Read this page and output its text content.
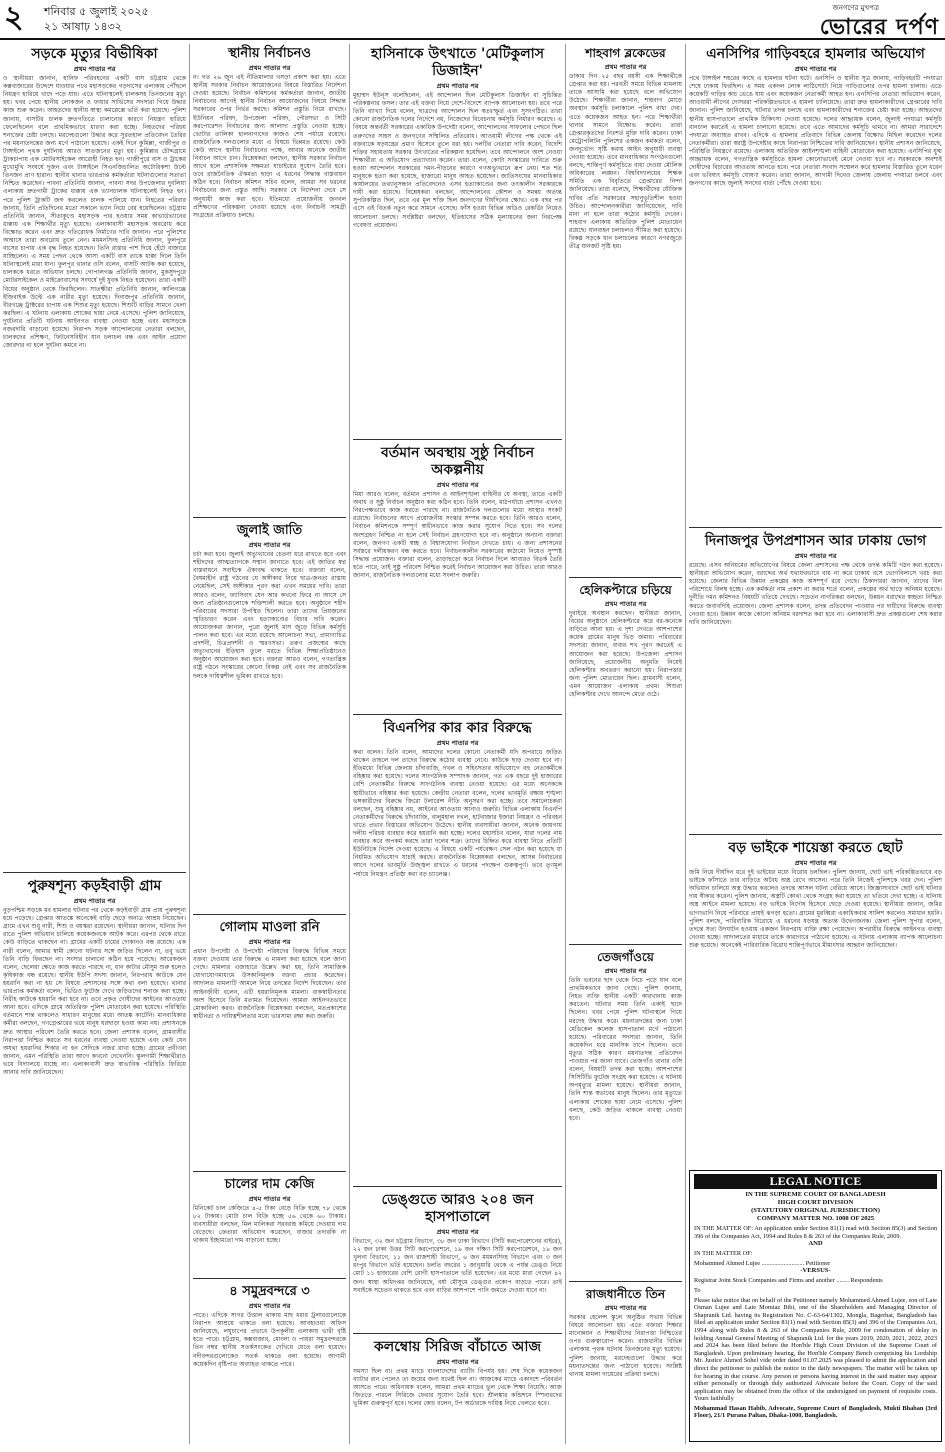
২ শনিবার ৫ জুলাই ২০২৫
২১ আষাঢ় ১৪৩২
জনগণের মুখপত্র
ভোরের দর্পণ
সড়কে মৃত্যুর বিভীষিকা
প্রথম পাতার পর
ও স্থানীয়রা জানান, হানিফ পরিবহনের একটি বাস চট্টগ্রাম থেকে কক্সবাজারের উদ্দেশে যাওয়ার পথে মহাসড়কের গড়দাসের এলাকায় পৌঁছলে নিয়ন্ত্রণ হারিয়ে খাদে পড়ে যায়। এতে ঘটনাস্থলেই চালকসহ তিনজনের মৃত্যু হয়। খবর পেয়ে স্থানীয় লোকজন ও ফায়ার সার্ভিসের সদস্যরা গিয়ে উদ্ধার কাজ শুরু করেন। আহতদের স্থানীয় স্বাস্থ্য কমপ্লেক্সে ভর্তি করা হয়েছে। পুলিশ জানায়, বাসটির চালক দ্রুতগতিতে চালানোর কারণে নিয়ন্ত্রণ হারিয়ে ফেলেছিলেন বলে প্রাথমিকভাবে ধারণা করা হচ্ছে। নিহতদের পরিচয় শনাক্তের চেষ্টা চলছে। মরদেহগুলো উদ্ধার করে সুরতহাল প্রতিবেদন তৈরির পর ময়নাতদন্তের জন্য মর্গে পাঠানো হয়েছে। একই দিনে কুমিল্লা, গাজীপুর ও টাঙ্গাইলে পৃথক দুর্ঘটনায় আরও সাতজনের মৃত্যু হয়। কুমিল্লার চৌদ্দগ্রামে ট্রাকচাপায় এক মোটরসাইকেল আরোহী নিহত হন। গাজীপুরে বাস ও ট্রাকের মুখোমুখি সংঘর্ষে দুজন এবং টাঙ্গাইলে সিএনজিচালিত অটোরিকশা উল্টে তিনজন প্রাণ হারান। স্থানীয় থানার ভারপ্রাপ্ত কর্মকর্তারা ঘটনাগুলোর সত্যতা নিশ্চিত করেছেন। পাবনা প্রতিনিধি জানান, পাবনা সদর উপজেলার দুবলিয়া এলাকায় দ্রুতগামী ট্রাকের ধাক্কায় এক ভ্যানচালক ঘটনাস্থলেই নিহত হন। পরে পুলিশ ট্রাকটি জব্দ করলেও চালক পালিয়ে যান। নিহতের পরিবার জানায়, তিনি প্রতিদিনের মতো সকালে ভ্যান নিয়ে বের হয়েছিলেন। চট্টগ্রাম প্রতিনিধি জানান, সীতাকুণ্ডে মহাসড়ক পার হওয়ার সময় কাভার্ডভ্যানের ধাক্কায় এক শিক্ষার্থীর মৃত্যু হয়েছে। এলাকাবাসী মহাসড়ক অবরোধ করে বিক্ষোভ করেন এবং দ্রুত গতিরোধক নির্মাণের দাবি জানান। পরে পুলিশের আশ্বাসে তারা অবরোধ তুলে নেন। ময়মনসিংহ প্রতিনিধি জানান, ফুলপুরে বাসের চাপায় এক বৃদ্ধ নিহত হয়েছেন। তিনি রাস্তার পাশ দিয়ে হেঁটে বাজারে যাচ্ছিলেন। এ সময় পেছন থেকে আসা একটি বাস তাকে ধাক্কা দিলে তিনি ঘটনাস্থলেই মারা যান। ফুলপুর থানার ওসি বলেন, বাসটি আটক করা হয়েছে, চালককে ধরতে অভিযান চলছে। গোপালগঞ্জ প্রতিনিধি জানান, মুকসুদপুরে মোটরসাইকেল ও মাইক্রোবাসের সংঘর্ষে দুই যুবক নিহত হয়েছেন। তারা একটি বিয়ের অনুষ্ঠান থেকে ফিরছিলেন। সাতক্ষীরা প্রতিনিধি জানান, কালিগঞ্জে ইজিবাইক উল্টে এক নারীর মৃত্যু হয়েছে। দিনাজপুর প্রতিনিধি জানান, বীরগঞ্জে ট্রাক্টরের চাপায় এক শিশুর মৃত্যু হয়েছে। শিশুটি বাড়ির সামনে খেলা করছিল। এ ঘটনায় এলাকায় শোকের ছায়া নেমে এসেছে। পুলিশ জানিয়েছে, দুর্ঘটনার প্রতিটি ঘটনায় আইনগত ব্যবস্থা নেওয়া হচ্ছে এবং মহাসড়কে নজরদারি বাড়ানো হয়েছে। নিরাপদ সড়ক আন্দোলনের নেতারা বলছেন, চালকদের প্রশিক্ষণ, ফিটনেসবিহীন যান চলাচল বন্ধ এবং আইন প্রয়োগ জোরদার না হলে দুর্ঘটনা কমবে না।
পুরুষশূন্য কড়ইবাড়ী গ্রাম
প্রথম পাতার পর
বুড়পশ্চিম সড়কে মব হামলার ঘটনার পর থেকে কড়ইবাড়ী গ্রাম প্রায় পুরুষশূন্য হয়ে পড়েছে। গ্রেপ্তার আতঙ্কে অনেকেই বাড়ি ছেড়ে অন্যত্র আশ্রয় নিয়েছেন। গ্রামে এখন শুধু নারী, শিশু ও বয়স্করা রয়েছেন। স্থানীয়রা জানান, ঘটনার দিন রাতে পুলিশ অভিযান চালিয়ে কয়েকজনকে আটক করে। এরপর থেকে রাতে কেউ বাড়িতে থাকছেন না। গ্রামের একটি চায়ের দোকানও বন্ধ রয়েছে। এক নারী বলেন, আমার স্বামী কোনো ঘটনার সঙ্গে জড়িত ছিলেন না, তবু ভয়ে তিনি বাড়ি ফিরছেন না। সংসার চালানো কঠিন হয়ে পড়েছে। আরেকজন বলেন, ছেলেরা ক্ষেতে কাজ করতে পারছে না, ধান কাটার মৌসুম শুরু হলেও কৃষিকাজ বন্ধ রয়েছে। স্থানীয় ইউপি সদস্য জানান, নিরপরাধ কাউকে যেন হয়রানি করা না হয় সে বিষয়ে প্রশাসনের সঙ্গে কথা বলা হয়েছে। থানার ভারপ্রাপ্ত কর্মকর্তা বলেন, ভিডিও ফুটেজ দেখে জড়িতদের শনাক্ত করা হচ্ছে। নিরীহ কাউকে হয়রানি করা হবে না। তবে প্রকৃত দোষীদের আইনের আওতায় আনা হবে। এদিকে গ্রামে অতিরিক্ত পুলিশ মোতায়েন করা হয়েছে। পরিস্থিতি বর্তমানে শান্ত থাকলেও সাধারণ মানুষের মধ্যে আতঙ্ক কাটেনি। মানবাধিকার কর্মীরা বলছেন, গণগ্রেপ্তারের ভয়ে মানুষ ঘরছাড়া হওয়া কাম্য নয়। প্রশাসনকে দ্রুত আস্থার পরিবেশ তৈরি করতে হবে। জেলা প্রশাসক বলেন, গ্রামবাসীর নিরাপত্তা নিশ্চিত করতে সব ধরনের ব্যবস্থা নেওয়া হয়েছে এবং কেউ যেন অযথা হয়রানির শিকার না হন সেদিকে নজর রাখা হচ্ছে। গ্রামের প্রবীণরা জানান, এমন পরিস্থিতি তারা আগে কখনো দেখেননি। স্কুলগামী শিক্ষার্থীরাও ভয়ে বিদ্যালয়ে যাচ্ছে না। এলাকাবাসী দ্রুত স্বাভাবিক পরিস্থিতি ফিরিয়ে আনার দাবি জানিয়েছেন।
স্থানীয় নির্বাচনও
প্রথম পাতার পর
ন। গত ২৬ জুন এই নীতিমালার খসড়া প্রকাশ করা হয়। এতে স্থানীয় সরকার নির্বাচন আয়োজনের বিষয়ে বিস্তারিত নির্দেশনা দেওয়া হয়েছে। নির্বাচন কমিশনের কর্মকর্তারা জানান, জাতীয় নির্বাচনের আগেই স্থানীয় নির্বাচন আয়োজনের বিষয়ে সিদ্ধান্ত সরকারের ওপর নির্ভর করছে। কমিশন প্রস্তুতি নিয়ে রাখছে। ইউনিয়ন পরিষদ, উপজেলা পরিষদ, পৌরসভা ও সিটি করপোরেশন নির্বাচনের জন্য আলাদা প্রস্তুতি নেওয়া হচ্ছে। ভোটার তালিকা হালনাগাদের কাজও শেষ পর্যায়ে রয়েছে। রাজনৈতিক দলগুলোর মধ্যে এ বিষয়ে ভিন্নমত রয়েছে। কেউ কেউ আগে স্থানীয় নির্বাচনের পক্ষে, আবার অনেকে জাতীয় নির্বাচন আগে চান। বিশ্লেষকরা বলছেন, স্থানীয় সরকার নির্বাচন আগে হলে প্রশাসনিক সক্ষমতা যাচাইয়ের সুযোগ তৈরি হবে। তবে রাজনৈতিক ঐকমত্য ছাড়া এ ধরনের সিদ্ধান্ত বাস্তবায়ন কঠিন হবে। নির্বাচন কমিশন সচিব বলেন, আমরা সব ধরনের নির্বাচনের জন্য প্রস্তুত আছি। সরকার যে নির্দেশনা দেবে সে অনুযায়ী কাজ করা হবে। ইতিমধ্যে প্রয়োজনীয় জনবল প্রশিক্ষণের পরিকল্পনা নেওয়া হয়েছে এবং নির্বাচনী সামগ্রী সংগ্রহের প্রক্রিয়াও চলছে।
জুলাই জাতি
প্রথম পাতার পর
চর্চা করা হবে। জুলাই অভ্যুত্থানের চেতনা ধরে রাখতে হবে এবং শহীদদের আত্মত্যাগকে সম্মান জানাতে হবে। এই জাতির স্বপ্ন বাস্তবায়নে সবাইকে ঐক্যবদ্ধ থাকতে হবে। বক্তারা বলেন, বৈষম্যহীন রাষ্ট্র গঠনের যে অঙ্গীকার নিয়ে ছাত্র-জনতা রাস্তায় নেমেছিল, সেই অঙ্গীকার পূরণ করা এখন সময়ের দাবি। তারা আরও বলেন, ফ্যাসিবাদ যেন আর কখনো ফিরে না আসে সে জন্য প্রতিষ্ঠানগুলোকে শক্তিশালী করতে হবে। অনুষ্ঠানে শহীদ পরিবারের সদস্যরা উপস্থিত ছিলেন। তারা তাদের প্রিয়জনের স্মৃতিচারণ করেন এবং হত্যাকাণ্ডের বিচার দাবি করেন। আয়োজকরা জানান, পুরো জুলাই মাস জুড়ে বিভিন্ন কর্মসূচি পালন করা হবে। এর মধ্যে রয়েছে আলোচনা সভা, প্রামাণ্যচিত্র প্রদর্শনী, চিত্রপ্রদর্শনী ও স্মরণসভা। তরুণ প্রজন্মের কাছে অভ্যুত্থানের ইতিহাস তুলে ধরতে বিভিন্ন শিক্ষাপ্রতিষ্ঠানেও অনুষ্ঠান আয়োজন করা হবে। বক্তারা আরও বলেন, গণতান্ত্রিক রাষ্ট্র গঠনে সংস্কারের কোনো বিকল্প নেই এবং সব রাজনৈতিক দলকে দায়িত্বশীল ভূমিকা রাখতে হবে।
গোলাম মাওলা রনি
প্রথম পাতার পর
প্রধান উপদেষ্টা ও উপদেষ্টা পরিষদের বিরুদ্ধে বিভিন্ন সময়ে বক্তব্য দেওয়ায় তার বিরুদ্ধে এ মামলা করা হয়েছে বলে জানা গেছে। মামলার এজাহারে উল্লেখ করা হয়, তিনি সামাজিক যোগাযোগমাধ্যমে উসকানিমূলক বক্তব্য প্রচার করেছেন। আদালত মামলাটি আমলে নিয়ে তদন্তের নির্দেশ দিয়েছেন। তার আইনজীবী বলেন, এটি হয়রানিমূলক মামলা। বাকস্বাধীনতার অংশ হিসেবে তিনি মতামত দিয়েছেন। আমরা আইনগতভাবে মোকাবিলা করব। রাজনৈতিক বিশ্লেষকরা বলছেন, মতপ্রকাশের স্বাধীনতা ও দায়িত্বশীলতার মধ্যে ভারসাম্য রক্ষা করা জরুরি।
চালের দাম কেজি
প্রথম পাতার পর
মিনিকেট চাল কেজিতে ৪-৫ টাকা বেড়ে বিক্রি হচ্ছে ৭৮ থেকে ৮২ টাকায়। মোটা চাল বিক্রি হচ্ছে ৫৬ থেকে ৬০ টাকায়। ব্যবসায়ীরা বলছেন, মিল মালিকরা সরবরাহ কমিয়ে দেওয়ায় দাম বেড়েছে। ক্রেতারা অভিযোগ করেছেন, বাজার তদারকি না থাকায় ইচ্ছামতো দাম বাড়ানো হচ্ছে।
৪ সমুদ্রবন্দরে ৩
প্রথম পাতার পর
পাতে। এদিকে সাগর উত্তাল থাকায় মাছ ধরার ট্রলারগুলোকে নিরাপদ আশ্রয়ে থাকতে বলা হয়েছে। আবহাওয়া অফিস জানিয়েছে, লঘুচাপের প্রভাবে উপকূলীয় এলাকায় ভারী বৃষ্টি হতে পারে। চট্টগ্রাম, কক্সবাজার, মোংলা ও পায়রা সমুদ্রবন্দরকে তিন নম্বর স্থানীয় সতর্কসংকেত দেখিয়ে যেতে বলা হয়েছে। নদীবন্দরগুলোকেও সতর্ক থাকতে বলা হয়েছে। আগামী কয়েকদিন বৃষ্টিপাত অব্যাহত থাকতে পারে।
হাসিনাকে উৎখাতে 'মেটিকুলাস ডিজাইন'
প্রথম পাতার পর
মুহাম্মদ ইউনূস বলেছিলেন, এই আন্দোলন ছিল মেটিকুলাস ডিজাইন বা সুচিন্তিত পরিকল্পনার ফসল। তার এই বক্তব্য নিয়ে দেশে-বিদেশে ব্যাপক আলোচনা হয়। তবে পরে তিনি ব্যাখ্যা দিয়ে বলেন, ছাত্রদের আন্দোলন ছিল স্বতঃস্ফূর্ত এবং সুসংগঠিত। তারা কোনো রাজনৈতিক দলের নির্দেশে নয়, নিজেদের বিবেচনায় কর্মসূচি নির্ধারণ করেছে। এ বিষয়ে অন্তর্বর্তী সরকারের একাধিক উপদেষ্টা বলেন, আন্দোলনের সাফল্যের পেছনে ছিল তরুণদের সাহস ও জনগণের সম্মিলিত প্রতিরোধ। আওয়ামী লীগের পক্ষ থেকে এই বক্তব্যকে ষড়যন্ত্রের প্রমাণ হিসেবে তুলে ধরা হয়। দলটির নেতারা দাবি করেন, বিদেশি শক্তির সহায়তায় সরকার উৎখাতের পরিকল্পনা হয়েছিল। তবে আন্দোলনে অংশ নেওয়া শিক্ষার্থীরা এ অভিযোগ প্রত্যাখ্যান করেন। তারা বলেন, কোটা সংস্কারের দাবিতে শুরু হওয়া আন্দোলন সরকারের দমন-পীড়নের কারণে গণঅভ্যুত্থানে রূপ নেয়। শত শত মানুষকে হত্যা করা হয়েছে, হাজারো মানুষ আহত হয়েছেন। জাতিসংঘের মানবাধিকার কার্যালয়ের তথ্যানুসন্ধান প্রতিবেদনেও এসব হত্যাকাণ্ডের জন্য তৎকালীন সরকারকে দায়ী করা হয়েছে। বিশ্লেষকরা বলছেন, আন্দোলনের কৌশল ও সমন্বয় অত্যন্ত সুপরিকল্পিত ছিল, তবে এর মূল শক্তি ছিল জনগণের দীর্ঘদিনের ক্ষোভ। এক বছর পর এসে এই বিতর্ক নতুন করে সামনে এসেছে। ফাঁস হওয়া বিভিন্ন অডিও রেকর্ডিং নিয়েও আলোচনা চলছে। সংশ্লিষ্টরা বলছেন, ইতিহাসের সঠিক মূল্যায়নের জন্য নিরপেক্ষ গবেষণা প্রয়োজন।
বর্তমান অবস্থায় সুষ্ঠু নির্বাচন অকল্পনীয়
প্রথম পাতার পর
মিয়া আরও বলেন, বর্তমান প্রশাসন ও আইনশৃঙ্খলা বাহিনীর যে অবস্থা, তাতে একটি অবাধ ও সুষ্ঠু নির্বাচন অনুষ্ঠান করা কঠিন হবে। তিনি বলেন, মাঠপর্যায়ে প্রশাসন এখনও নিরপেক্ষভাবে কাজ করতে পারছে না। রাজনৈতিক দলগুলোর মধ্যে আস্থার সংকট রয়েছে। নির্বাচনের আগে প্রয়োজনীয় সংস্কার সম্পন্ন করতে হবে। তিনি আরও বলেন, নির্বাচন কমিশনকে সম্পূর্ণ স্বাধীনভাবে কাজ করার সুযোগ দিতে হবে। সব দলের অংশগ্রহণ নিশ্চিত না হলে সেই নির্বাচন গ্রহণযোগ্য হবে না। অনুষ্ঠানে অন্যান্য বক্তারা বলেন, জনগণ একটি স্বচ্ছ ও বিশ্বাসযোগ্য নির্বাচন দেখতে চায়। এ জন্য প্রশাসনের সর্বস্তরে দলীয়করণ বন্ধ করতে হবে। নির্বাচনকালীন সরকারের কাঠামো নিয়েও সুস্পষ্ট সিদ্ধান্ত প্রয়োজন। বক্তারা বলেন, তাড়াহুড়ো করে নির্বাচন দিলে আবারও বিতর্ক তৈরি হতে পারে, তাই সুষ্ঠু পরিবেশ নিশ্চিত করেই নির্বাচন আয়োজন করা উচিত। তারা আরও জানান, রাজনৈতিক দলগুলোর মধ্যে সংলাপ জরুরি।
বিএনপির কার কার বিরুদ্ধে
প্রথম পাতার পর
কথা বলেন। তিনি বলেন, আমাদের দলের কোনো নেতাকর্মী যদি অপরাধে জড়িত থাকেন তাহলে দল তাদের বিরুদ্ধে কঠোর ব্যবস্থা নেবে। কাউকে ছাড় দেওয়া হবে না। ইতিমধ্যে বিভিন্ন জেলায় চাঁদাবাজি, দখল ও সহিংসতার অভিযোগে বহু নেতাকর্মীকে বহিষ্কার করা হয়েছে। দলের সাংগঠনিক সম্পাদক জানান, গত এক বছরে দুই হাজারের বেশি নেতাকর্মীর বিরুদ্ধে সাংগঠনিক ব্যবস্থা নেওয়া হয়েছে। এর মধ্যে অনেককে স্থায়ীভাবে বহিষ্কার করা হয়েছে। কেন্দ্রীয় নেতারা বলেন, দলের ভাবমূর্তি রক্ষায় শৃঙ্খলা ভঙ্গকারীদের বিরুদ্ধে জিরো টলারেন্স নীতি অনুসরণ করা হচ্ছে। তবে সমালোচকরা বলছেন, শুধু বহিষ্কার নয়, আইনের আওতায় আনাও জরুরি। বিভিন্ন এলাকায় বিএনপি নেতাকর্মীদের বিরুদ্ধে চাঁদাবাজি, বালুমহাল দখল, হাটবাজার ইজারা নিয়ন্ত্রণ ও পরিবহন খাতে প্রভাব বিস্তারের অভিযোগ উঠেছে। স্থানীয় ব্যবসায়ীরা জানান, অনেক জায়গায় দলীয় পরিচয় ব্যবহার করে হয়রানি করা হচ্ছে। দলের মহাসচিব বলেন, যারা দলের নাম ব্যবহার করে অপকর্ম করছে তারা দলের শত্রু। তাদের চিহ্নিত করে ব্যবস্থা নিতে প্রতিটি ইউনিটকে নির্দেশ দেওয়া হয়েছে। এ বিষয়ে একটি পর্যবেক্ষণ সেল গঠন করা হয়েছে যা নিয়মিত অভিযোগ যাচাই করছে। রাজনৈতিক বিশ্লেষকরা বলছেন, আসন্ন নির্বাচনের আগে দলের ভাবমূর্তি উজ্জ্বল রাখতে এ ধরনের পদক্ষেপ গুরুত্বপূর্ণ। তবে তৃণমূল পর্যায়ে নিয়ন্ত্রণ প্রতিষ্ঠা করা বড় চ্যালেঞ্জ।
ডেঙ্গুতে আরও ২০৪ জন হাসপাতালে
প্রথম পাতার পর
বিভাগে, ৩২ জন চট্টগ্রাম বিভাগে, ৩৮ জন ঢাকা বিভাগে (সিটি করপোরেশনের বাইরে), ২২ জন ঢাকা উত্তর সিটি করপোরেশনে, ১৯ জন দক্ষিণ সিটি করপোরেশনে, ১৮ জন খুলনা বিভাগে, ১১ জন রাজশাহী বিভাগে, ৬ জন ময়মনসিংহ বিভাগে এবং ৩ জন রংপুর বিভাগে ভর্তি হয়েছেন। চলতি বছরের ১ জানুয়ারি থেকে এ পর্যন্ত ডেঙ্গু নিয়ে মোট ১১ হাজারের বেশি রোগী হাসপাতালে ভর্তি হয়েছেন। এর মধ্যে মারা গেছেন ৪২ জন। স্বাস্থ্য অধিদপ্তর জানিয়েছে, বর্ষা মৌসুমে ডেঙ্গুর প্রকোপ বাড়তে পারে। তাই সবাইকে সচেতন থাকতে হবে এবং বাড়ির আশপাশে পানি জমতে দেওয়া যাবে না।
কলম্বোয় সিরিজ বাঁচাতে আজ
প্রথম পাতার পর
সমস্যা ছিল না। প্রথম ম্যাচে বাংলাদেশের ব্যাটিং বিপর্যয় হয়। শেষ দিকে কয়েকজন ব্যাটার রান পেলেও তা জয়ের জন্য যথেষ্ট ছিল না। আজকের ম্যাচে একাদশে পরিবর্তন আসতে পারে। অধিনায়ক বলেন, আমরা প্রথম ম্যাচের ভুল থেকে শিক্ষা নিয়েছি। আজ জিততে পারলে সিরিজে ফেরার সুযোগ তৈরি হবে। শ্রীলঙ্কার কন্ডিশনে স্পিনারদের ভূমিকা গুরুত্বপূর্ণ হবে। দলের কোচ বলেন, টপ অর্ডারকে দায়িত্ব নিয়ে খেলতে হবে।
শাহবাগ ব্লকেডের
প্রথম পাতার পর
ডাকার দিন ২৫ বছর বয়সী এক শিক্ষার্থীকে গ্রেপ্তার করা হয়। পরবর্তী সময়ে বিভিন্ন মামলায় তাকে আসামি করা হয়েছে বলে অভিযোগ উঠেছে। শিক্ষার্থীরা জানান, শাহবাগ মোড়ে অবস্থান কর্মসূচি চলাকালে পুলিশ বাধা দেয়। এতে কয়েকজন আহত হন। পরে শিক্ষার্থীরা থানার সামনে বিক্ষোভ করেন। তারা গ্রেপ্তারকৃতদের নিঃশর্ত মুক্তি দাবি করেন। ঢাকা মেট্রোপলিটন পুলিশের একজন কর্মকর্তা বলেন, জনদুর্ভোগ সৃষ্টি করায় আইন অনুযায়ী ব্যবস্থা নেওয়া হয়েছে। তবে মানবাধিকার সংগঠনগুলো বলছে, শান্তিপূর্ণ কর্মসূচিতে বাধা দেওয়া মৌলিক অধিকারের লঙ্ঘন। বিশ্ববিদ্যালয়ের শিক্ষক সমিতি এক বিবৃতিতে গ্রেপ্তারের নিন্দা জানিয়েছে। তারা বলেছে, শিক্ষার্থীদের যৌক্তিক দাবির প্রতি সরকারের সহানুভূতিশীল হওয়া উচিত। আন্দোলনকারীরা জানিয়েছেন, দাবি মানা না হলে তারা কঠোর কর্মসূচি দেবেন। শাহবাগ এলাকায় অতিরিক্ত পুলিশ মোতায়েন রয়েছে। যানবাহন চলাচলও সীমিত করা হয়েছে। বিকল্প সড়কে যান চলাচলের কারণে নগরজুড়ে তীব্র যানজট সৃষ্টি হয়।
হেলিকপ্টারে চড়িয়ে
প্রথম পাতার পর
দুবাইয়ে অবস্থান করছেন। স্থানীয়রা জানান, বিয়ের অনুষ্ঠানে হেলিকপ্টারে করে বর-কনেকে বাড়িতে আনা হয়। এ দৃশ্য দেখতে আশপাশের কয়েক গ্রামের মানুষ ভিড় জমায়। পরিবারের সদস্যরা জানান, বাবার শখ পূরণ করতেই এ আয়োজন করা হয়েছে। উপজেলা প্রশাসন জানিয়েছে, প্রয়োজনীয় অনুমতি নিয়েই হেলিকপ্টার অবতরণ করানো হয়। নিরাপত্তার জন্য পুলিশ মোতায়েন ছিল। গ্রামবাসী বলেন, এমন আয়োজন এলাকায় প্রথম। শিশুরা হেলিকপ্টার দেখে আনন্দে মেতে ওঠে।
তেজগাঁওয়ে
প্রথম পাতার পর
তিনি ভবনের ছাদ থেকে নিচে পড়ে যান বলে প্রাথমিকভাবে জানা গেছে। পুলিশ জানায়, নিহত ব্যক্তি স্থানীয় একটি কারখানায় কাজ করতেন। ঘটনার সময় তিনি একাই ছাদে ছিলেন। খবর পেয়ে পুলিশ ঘটনাস্থলে গিয়ে মরদেহ উদ্ধার করে। ময়নাতদন্তের জন্য ঢাকা মেডিকেল কলেজ হাসপাতাল মর্গে পাঠানো হয়েছে। পরিবারের সদস্যরা জানান, তিনি কয়েকদিন ধরে মানসিক চাপে ছিলেন। তবে মৃত্যুর সঠিক কারণ ময়নাতদন্ত প্রতিবেদন পাওয়ার পর জানা যাবে। তেজগাঁও থানার ওসি বলেন, বিষয়টি তদন্ত করা হচ্ছে। আশপাশের সিসিটিভি ফুটেজ সংগ্রহ করা হয়েছে। এ ঘটনায় অপমৃত্যুর মামলা হয়েছে। স্থানীয়রা জানান, তিনি শান্ত স্বভাবের মানুষ ছিলেন। তার মৃত্যুতে এলাকায় শোকের ছায়া নেমে এসেছে। পুলিশ বলছে, কেউ জড়িত থাকলে ব্যবস্থা নেওয়া হবে।
রাজধানীতে তিন
প্রথম পাতার পর
সরকার হেলেন্স স্কুলে অনুষ্ঠিত সভায় বিভিন্ন বিষয়ে আলোচনা হয়। এতে বক্তারা শিক্ষার মানোন্নয়ন ও শিক্ষার্থীদের নিরাপত্তা নিশ্চিতের ওপর গুরুত্বারোপ করেন। রাজধানীর বিভিন্ন এলাকায় পৃথক ঘটনায় তিনজনের মৃত্যু হয়েছে। পুলিশ জানায়, মরদেহগুলো উদ্ধার করে ময়নাতদন্তের জন্য পাঠানো হয়েছে। সংশ্লিষ্ট থানায় মামলা দায়েরের প্রক্রিয়া চলছে।
এনসিপির গাড়িবহরে হামলার অভিযোগ
প্রথম পাতার পর
পথে টাঙ্গাইল শহরের কাছে এ হামলার ঘটনা ঘটে। এনসিপি ও স্থানীয় সূত্র জানায়, গাড়িবহরটি পদযাত্রা শেষে ঢাকায় ফিরছিল। এ সময় একদল লোক লাঠিসোটা নিয়ে গাড়িগুলোর ওপর হামলা চালায়। এতে কয়েকটি গাড়ির কাচ ভেঙে যায় এবং কয়েকজন নেতাকর্মী আহত হন। এনসিপির নেতারা অভিযোগ করেন, আওয়ামী লীগের দোসররা পরিকল্পিতভাবে এ হামলা চালিয়েছে। তারা দ্রুত হামলাকারীদের গ্রেপ্তারের দাবি জানান। পুলিশ জানিয়েছে, ঘটনার তদন্ত চলছে এবং হামলাকারীদের শনাক্তের চেষ্টা করা হচ্ছে। আহতদের স্থানীয় হাসপাতালে প্রাথমিক চিকিৎসা দেওয়া হয়েছে। দলের আহ্বায়ক বলেন, জুলাই পদযাত্রা কর্মসূচি বানচাল করতেই এ হামলা চালানো হয়েছে। তবে এতে আমাদের কর্মসূচি থামবে না। আমরা সারাদেশে পদযাত্রা অব্যাহত রাখব। এদিকে এ হামলার প্রতিবাদে বিভিন্ন জেলায় বিক্ষোভ মিছিল করেছেন দলের নেতাকর্মীরা। তারা স্বরাষ্ট্র উপদেষ্টার কাছে নিরাপত্তা নিশ্চিতের দাবি জানিয়েছেন। স্থানীয় প্রশাসন জানিয়েছে, পরিস্থিতি নিয়ন্ত্রণে রয়েছে। এলাকায় অতিরিক্ত আইনশৃঙ্খলা বাহিনী মোতায়েন করা হয়েছে। এনসিপির যুগ্ম আহ্বায়ক বলেন, গণতান্ত্রিক কর্মসূচিতে হামলা কোনোভাবেই মেনে নেওয়া হবে না। সরকারকে অবশ্যই দোষীদের বিচারের আওতায় আনতে হবে। পরে নেতারা সংবাদ সম্মেলন করে হামলার বিস্তারিত তুলে ধরেন এবং ভবিষ্যৎ কর্মসূচি ঘোষণা করেন। তারা জানান, আগামী দিনেও জেলায় জেলায় পদযাত্রা চলবে এবং জনগণের কাছে জুলাই সনদের বার্তা পৌঁছে দেওয়া হবে।
দিনাজপুর উপপ্রশাসন আর ঢাকায় ভোগ
প্রথম পাতার পর
রয়েছে। এসব অনিয়মের অভিযোগের বিষয়ে জেলা প্রশাসনের পক্ষ থেকে তদন্ত কমিটি গঠন করা হয়েছে। স্থানীয়রা অভিযোগ করেন, বরাদ্দের অর্থ যথাযথভাবে ব্যয় না করে ঢাকায় বসে ভোগবিলাসে খরচ করা হয়েছে। জেলার বিভিন্ন উন্নয়ন প্রকল্পের কাজ অসম্পূর্ণ রয়ে গেছে। ঠিকাদাররা জানান, তাদের বিল পরিশোধে বিলম্ব হচ্ছে। এক কর্মকর্তা নাম প্রকাশ না করার শর্তে বলেন, প্রকল্পের অর্থ ছাড়ে অনিয়ম হয়েছে। দুর্নীতি দমন কমিশনও বিষয়টি খতিয়ে দেখছে। সচেতন নাগরিকরা বলছেন, উন্নয়ন বরাদ্দের স্বচ্ছতা নিশ্চিত করতে জবাবদিহি প্রয়োজন। জেলা প্রশাসক বলেন, তদন্ত প্রতিবেদন পাওয়ার পর দায়ীদের বিরুদ্ধে ব্যবস্থা নেওয়া হবে। উন্নয়ন কাজে কোনো অনিয়ম বরদাশত করা হবে না। এলাকাবাসী দ্রুত প্রকল্পগুলো শেষ করার দাবি জানিয়েছেন।
বড় ভাইকে শায়েস্তা করতে ছোট
প্রথম পাতার পর
জমি নিয়ে দীর্ঘদিন ধরে দুই ভাইয়ের মধ্যে বিরোধ চলছিল। পুলিশ জানায়, ছোট ভাই পরিকল্পিতভাবে বড় ভাইকে ফাঁসাতে তার বাড়িতে অবৈধ অস্ত্র রেখে আসেন। পরে তিনি নিজেই পুলিশকে খবর দেন। পুলিশ অভিযান চালিয়ে অস্ত্র উদ্ধার করলেও তদন্তে আসল ঘটনা বেরিয়ে আসে। জিজ্ঞাসাবাদে ছোট ভাই ঘটনার দায় স্বীকার করেন। পুলিশ জানায়, অস্ত্রটি কোথা থেকে সংগ্রহ করা হয়েছে তা খতিয়ে দেখা হচ্ছে। এ ঘটনায় অস্ত্র আইনে মামলা হয়েছে। বড় ভাইকে নির্দোষ হিসেবে ছেড়ে দেওয়া হয়েছে। স্থানীয়রা জানান, জমির ভাগাভাগি নিয়ে পরিবারে প্রায়ই ঝগড়া হতো। গ্রামের মুরব্বিরা একাধিকবার সালিশ করলেও সমাধান হয়নি। পুলিশ বলছে, পারিবারিক বিরোধে এ ধরনের ষড়যন্ত্র অত্যন্ত উদ্বেগজনক। জেলা পুলিশ সুপার বলেন, তদন্তে সত্য উদঘাটন হওয়ায় একজন নিরপরাধ ব্যক্তি রক্ষা পেয়েছেন। অপরাধীর বিরুদ্ধে আইনগত ব্যবস্থা নেওয়া হচ্ছে। আদালতের মাধ্যমে তাকে কারাগারে পাঠানো হয়েছে। এ ঘটনায় এলাকায় ব্যাপক আলোচনা শুরু হয়েছে। অনেকেই পারিবারিক বিরোধ শান্তিপূর্ণভাবে মীমাংসার আহ্বান জানিয়েছেন।
LEGAL NOTICE
IN THE SUPREME COURT OF BANGLADESH
HIGH COURT DIVISION
(STATUTORY ORIGINAL JURISDICTION)
COMPANY MATTER NO. 1008 OF 2025
IN THE MATTER OF: An application under Section 81(1) read with Section 85(3) and Section 396 of the Companies Act, 1994 and Rules 8 & 263 of the Companies Rule, 2009.
AND
IN THE MATTER OF:
Mohammed Ahmed Lujee ........................... Petitioner
-VERSUS-
Registrar Joint Stock Companies and Firms and another ........ Respondents
To
Please take notice that on behalf of the Petitioner namely Mohammed Ahmed Lujee, son of Late Osman Lujee and Late Momtaz Bibi, one of the Shareholders and Managing Director of Shapranik Ltd. having its Registration No. C-63-64/1302, Mongla, Bagerhat, Bangladesh has filed an application under Section 81(1) read with Section 85(3) and 396 of the Companies Act, 1994 along with Rules 8 & 263 of the Companies Rule, 2009 for condonation of delay in holding Annual General Meeting of Shapranik Ltd. for the years 2019, 2020, 2021, 2022, 2023 and 2024 has been filed before the Hon'ble High Court Division of the Supreme Court of Bangladesh. Upon preliminary hearing, the Hon'ble Company Bench comprising his Lordship Mr. Justice Ahmed Sohel vide order dated 01.07.2025 was pleased to admit the application and direct the petitioner to publish the notice in the daily newspapers. The matter will be taken up for hearing in due course. Any person or persons having interest in the said matter may appear either personally or through duly authorized Advocate before the Court. Copy of the said application may be obtained from the office of the undersigned on payment of requisite costs. Yours faithfully
Mohammad Hasan Habib, Advocate, Supreme Court of Bangladesh, Mukti Bhaban (3rd Floor), 21/1 Purana Paltan, Dhaka-1000, Bangladesh.
